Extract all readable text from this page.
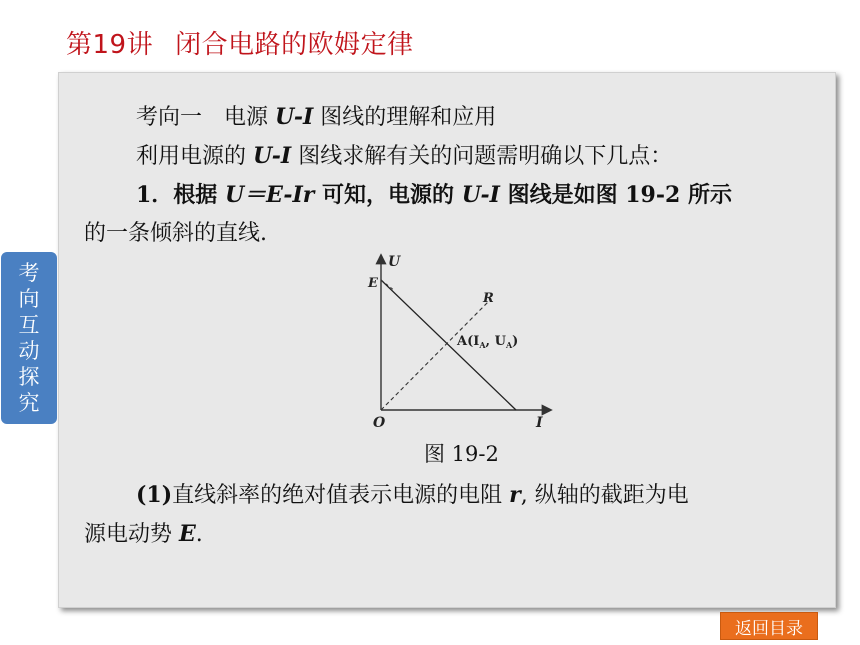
第19讲 闭合电路的欧姆定律
考
向
互
动
探
究
考向一 电源 U-I 图线的理解和应用
利用电源的 U-I 图线求解有关的问题需明确以下几点：
1．根据 U＝E-Ir 可知，电源的 U-I 图线是如图 19-2 所示
的一条倾斜的直线.
U
E
R
$A(I_A$, $U_A$)
O	I
图 19-2
(1)直线斜率的绝对值表示电源的电阻 r, 纵轴的截距为电
源电动势 E.
返回目录
